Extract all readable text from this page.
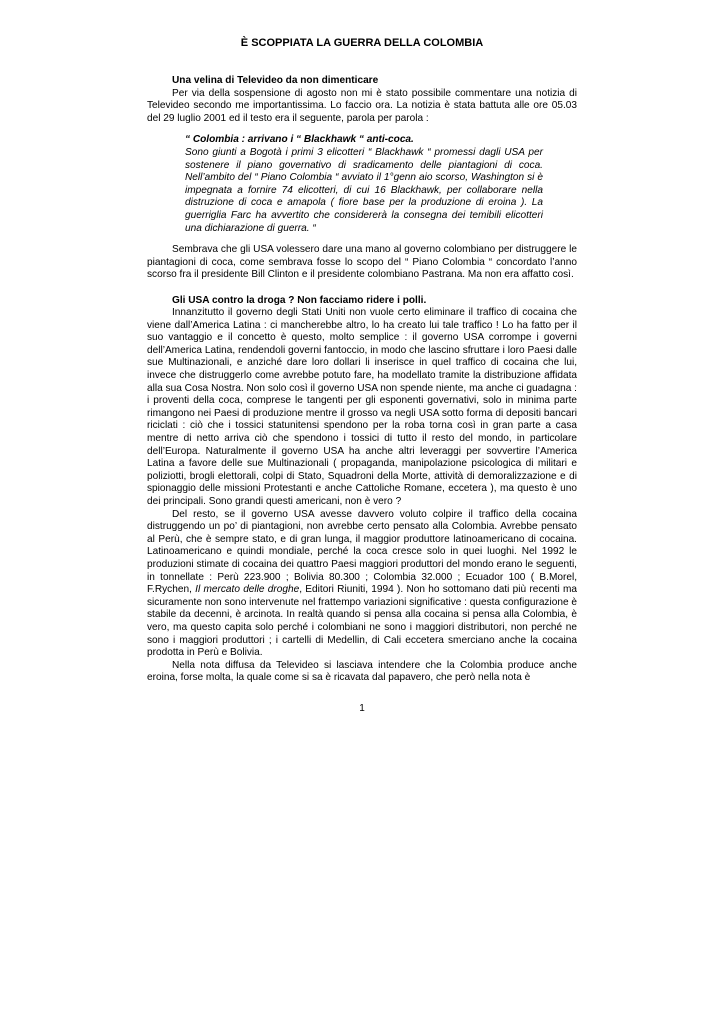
È SCOPPIATA LA GUERRA DELLA COLOMBIA
Una velina di Televideo da non dimenticare

Per via della sospensione di agosto non mi è stato possibile commentare una notizia di Televideo secondo me importantissima. Lo faccio ora. La notizia è stata battuta alle ore 05.03 del 29 luglio 2001 ed il testo era il seguente, parola per parola :

“ Colombia : arrivano i “ Blackhawk “ anti-coca.

Sono giunti a Bogotà i primi 3 elicotteri “ Blackhawk “ promessi dagli USA per sostenere il piano governativo di sradicamento delle piantagioni di coca. Nell’ambito del “ Piano Colombia “ avviato il 1°genn aio scorso, Washington si è impegnata a fornire 74 elicotteri, di cui 16 Blackhawk, per collaborare nella distruzione di coca e amapola ( fiore base per la produzione di eroina ). La guerriglia Farc ha avvertito che considererà la consegna dei temibili elicotteri una dichiarazione di guerra. “

Sembrava che gli USA volessero dare una mano al governo colombiano per distruggere le piantagioni di coca, come sembrava fosse lo scopo del “ Piano Colombia “ concordato l’anno scorso fra il presidente Bill Clinton e il presidente colombiano Pastrana. Ma non era affatto così.

Gli USA contro la droga ? Non facciamo ridere i polli.

Innanzitutto il governo degli Stati Uniti non vuole certo eliminare il traffico di cocaina che viene dall’America Latina : ci mancherebbe altro, lo ha creato lui tale traffico ! Lo ha fatto per il suo vantaggio e il concetto è questo, molto semplice : il governo USA corrompe i governi dell’America Latina, rendendoli governi fantoccio, in modo che lascino sfruttare i loro Paesi dalle sue Multinazionali, e anziché dare loro dollari li inserisce in quel traffico di cocaina che lui, invece che distruggerlo come avrebbe potuto fare, ha modellato tramite la distribuzione affidata alla sua Cosa Nostra. Non solo così il governo USA non spende niente, ma anche ci guadagna : i proventi della coca, comprese le tangenti per gli esponenti governativi, solo in minima parte rimangono nei Paesi di produzione mentre il grosso va negli USA sotto forma di depositi bancari riciclati : ciò che i tossici statunitensi spendono per la roba torna così in gran parte a casa mentre di netto arriva ciò che spendono i tossici di tutto il resto del mondo, in particolare dell’Europa. Naturalmente il governo USA ha anche altri leveraggi per sovvertire l’America Latina a favore delle sue Multinazionali ( propaganda, manipolazione psicologica di militari e poliziotti, brogli elettorali, colpi di Stato, Squadroni della Morte, attività di demoralizzazione e di spionaggio delle missioni Protestanti e anche Cattoliche Romane, eccetera ), ma questo è uno dei principali. Sono grandi questi americani, non è vero ?

Del resto, se il governo USA avesse davvero voluto colpire il traffico della cocaina distruggendo un po’ di piantagioni, non avrebbe certo pensato alla Colombia. Avrebbe pensato al Perù, che è sempre stato, e di gran lunga, il maggior produttore latinoamericano di cocaina. Latinoamericano e quindi mondiale, perché la coca cresce solo in quei luoghi. Nel 1992 le produzioni stimate di cocaina dei quattro Paesi maggiori produttori del mondo erano le seguenti, in tonnellate : Perù 223.900 ; Bolivia 80.300 ; Colombia 32.000 ; Ecuador 100 ( B.Morel, F.Rychen, Il mercato delle droghe, Editori Riuniti, 1994 ). Non ho sottomano dati più recenti ma sicuramente non sono intervenute nel frattempo variazioni significative : questa configurazione è stabile da decenni, è arcinota. In realtà quando si pensa alla cocaina si pensa alla Colombia, è vero, ma questo capita solo perché i colombiani ne sono i maggiori distributori, non perché ne sono i maggiori produttori ; i cartelli di Medellin, di Cali eccetera smerciano anche la cocaina prodotta in Perù e Bolivia.

Nella nota diffusa da Televideo si lasciava intendere che la Colombia produce anche eroina, forse molta, la quale come si sa è ricavata dal papavero, che però nella nota è

1
